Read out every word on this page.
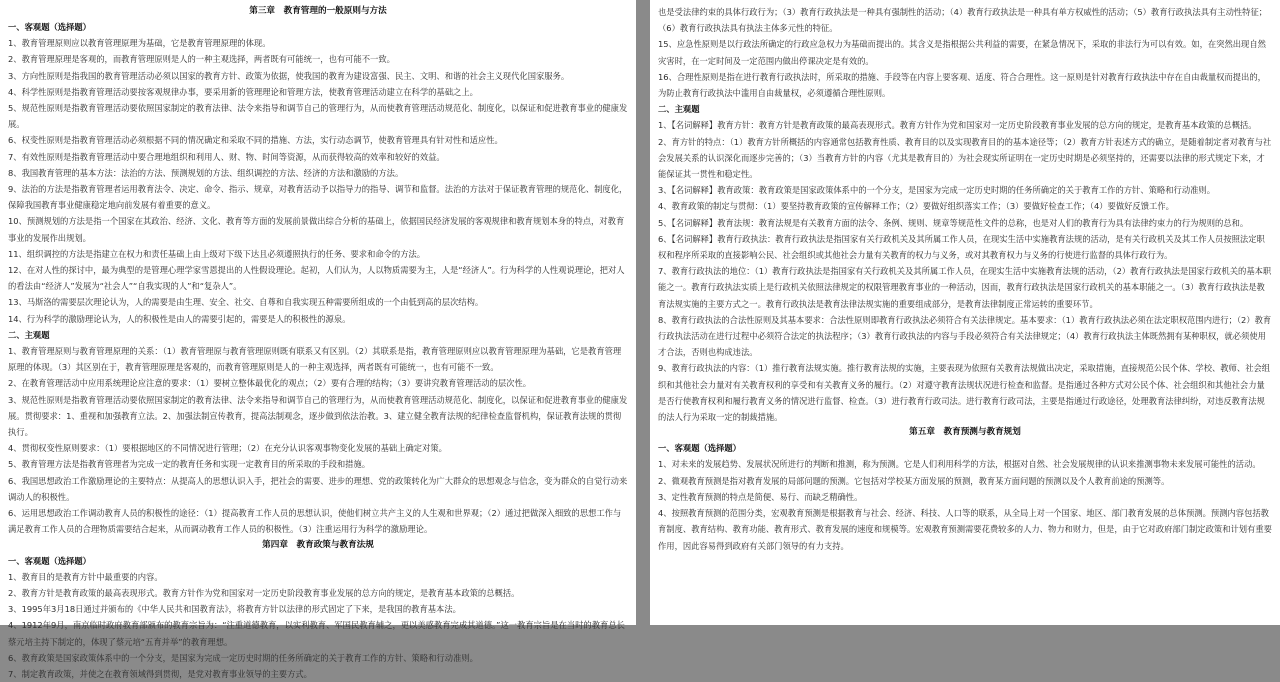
第三章　教育管理的一般原则与方法
一、客观题（选择题）
1、教育管理原则应以教育管理原理为基础，它是教育管理原理的体现。
2、教育管理原理是客观的，而教育管理原则是人的一种主观选择，两者既有可能统一，也有可能不一致。
3、方向性原则是指我国的教育管理活动必须以国家的教育方针、政策为依据，使我国的教育为建设富强、民主、文明、和谐的社会主义现代化国家服务。
4、科学性原则是指教育管理活动要按客观规律办事，要采用新的管理理论和管理方法，使教育管理活动建立在科学的基础之上。
5、规范性原则是指教育管理活动要依照国家制定的教育法律、法令来指导和调节自己的管理行为，从而使教育管理活动规范化、制度化，以保证和促进教育事业的健康发展。
6、权变性原则是指教育管理活动必须根据不同的情况确定和采取不同的措施、方法，实行动态调节，使教育管理具有针对性和适应性。
7、有效性原则是指教育管理活动中要合理地组织和利用人、财、物、时间等资源，从而获得较高的效率和较好的效益。
8、我国教育管理的基本方法：法治的方法、预测规划的方法、组织调控的方法、经济的方法和激励的方法。
9、法治的方法是指教育管理者运用教育法令、决定、命令、指示、规章，对教育活动予以指导力的指导、调节和监督。法治的方法对于保证教育管理的规范化、制度化，保障我国教育事业健康稳定地向前发展有着重要的意义。
10、预测规划的方法是指一个国家在其政治、经济、文化、教育等方面的发展前景做出综合分析的基础上，依据国民经济发展的客观规律和教育规划本身的特点，对教育事业的发展作出规划。
11、组织调控的方法是指建立在权力和责任基础上由上级对下级下达且必须遵照执行的任务、要求和命令的方法。
12、在对人性的探讨中，最为典型的是管理心理学家雪恩提出的人性假设理论。起初，人们认为，人以物质需要为主，人是“经济人”。行为科学的人性观说理论，把对人的看法由“经济人”发展为“社会人”“自我实现的人”和“复杂人”。
13、马斯洛的需要层次理论认为，人的需要是由生理、安全、社交、自尊和自我实现五种需要所组成的一个由低到高的层次结构。
14、行为科学的激励理论认为，人的积极性是由人的需要引起的，需要是人的积极性的源泉。
二、主观题
1、教育管理原则与教育管理原理的关系：（1）教育管理原与教育管理原则既有联系又有区别。（2）其联系是指，教育管理原则应以教育管理原理为基础，它是教育管理原理的体现。（3）其区别在于，教育管理原理是客观的，而教育管理原则是人的一种主观选择，两者既有可能统一，也有可能不一致。
2、在教育管理活动中应用系统理论应注意的要求：（1）要树立整体最优化的观点；（2）要有合理的结构；（3）要讲究教育管理活动的层次性。
3、规范性原则是指教育管理活动要依照国家制定的教育法律、法令来指导和调节自己的管理行为，从而使教育管理活动规范化、制度化，以保证和促进教育事业的健康发展。贯彻要求：1、重视和加强教育立法。2、加强法制宣传教育，提高法制观念，逐步做到依法治教。3、建立健全教育法规的纪律检查监督机构，保证教育法规的贯彻执行。
4、贯彻权变性原则要求：（1）要根据地区的不同情况进行管理；（2）在充分认识客观事物变化发展的基础上确定对策。
5、教育管理方法是指教育管理者为完成一定的教育任务和实现一定教育目的所采取的手段和措施。
6、我国思想政治工作激励理论的主要特点：从提高人的思想认识入手，把社会的需要、进步的理想、党的政策转化为广大群众的思想观念与信念，变为群众的自觉行动来调动人的积极性。
6、运用思想政治工作调动教育人员的积极性的途径：（1）提高教育工作人员的思想认识，使他们树立共产主义的人生观和世界观；（2）通过把做深入细致的思想工作与满足教育工作人员的合理物质需要结合起来，从而调动教育工作人员的积极性。（3）注重运用行为科学的激励理论。
第四章　教育政策与教育法规
一、客观题（选择题）
1、教育目的是教育方针中最重要的内容。
2、教育方针是教育政策的最高表现形式。教育方针作为党和国家对一定历史阶段教育事业发展的总方向的规定，是教育基本政策的总概括。
3、1995年3月18日通过并颁布的《中华人民共和国教育法》，将教育方针以法律的形式固定了下来，是我国的教育基本法。
4、1912年9月，南京临时政府教育部颁布的教育宗旨为：“注重道德教育，以实利教育、军国民教育辅之，更以美感教育完成其道德。”这一教育宗旨是在当时的教育总长蔡元培主持下制定的，体现了蔡元培“五育并举”的教育理想。
6、教育政策是国家政策体系中的一个分支，是国家为完成一定历史时期的任务所确定的关于教育工作的方针、策略和行动准则。
7、制定教育政策，并使之在教育领域得到贯彻，是党对教育事业领导的主要方式。
也是受法律约束的具体行政行为；（3）教育行政执法是一种具有强制性的活动；（4）教育行政执法是一种具有单方权威性的活动；（5）教育行政执法具有主动性特征；（6）教育行政执法具有执法主体多元性的特征。
15、应急性原则是以行政法所确定的行政应急权力为基础而提出的。其含义是指根据公共利益的需要，在紧急情况下，采取的非法行为可以有效。如，在突然出现自然灾害时，在一定时间及一定范围内做出停课决定是有效的。
16、合理性原则是指在进行教育行政执法时，所采取的措施、手段等在内容上要客观、适度、符合合理性。这一原则是针对教育行政执法中存在自由裁量权而提出的，为防止教育行政执法中滥用自由裁量权，必须遵循合理性原则。
二、主观题
1、【名词解释】教育方针：教育方针是教育政策的最高表现形式。教育方针作为党和国家对一定历史阶段教育事业发展的总方向的规定，是教育基本政策的总概括。
2、育方针的特点：（1）教育方针所概括的内容通常包括教育性质、教育目的以及实现教育目的的基本途径等；（2）教育方针表述方式的确立，是随着制定者对教育与社会发展关系的认识深化而逐步完善的；（3）当教育方针的内容（尤其是教育目的）为社会现实所证明在一定历史时期是必须坚持的，还需要以法律的形式规定下来，才能保证其一贯性和稳定性。
3、【名词解释】教育政策：教育政策是国家政策体系中的一个分支，是国家为完成一定历史时期的任务所确定的关于教育工作的方针、策略和行动准则。
4、教育政策的制定与贯彻：（1）要坚持教育政策的宣传解释工作；（2）要做好组织落实工作；（3）要做好检查工作；（4）要做好反馈工作。
5、【名词解释】教育法规：教育法规是有关教育方面的法令、条例、规则、规章等规范性文件的总称，也是对人们的教育行为具有法律约束力的行为规则的总和。
6、【名词解释】教育行政执法：教育行政执法是指国家有关行政机关及其所属工作人员，在现实生活中实施教育法规的活动，是有关行政机关及其工作人员按照法定职权和程序所采取的直接影响公民、社会组织或其他社会力量有关教育的权力与义务，或对其教育权力与义务的行使进行监督的具体行政行为。
7、教育行政执法的地位：（1）教育行政执法是指国家有关行政机关及其所属工作人员，在现实生活中实施教育法规的活动，（2）教育行政执法是国家行政机关的基本职能之一。教育行政执法实质上是行政机关依照法律规定的权限管理教育事业的一种活动，因而，教育行政执法是国家行政机关的基本职能之一。（3）教育行政执法是教育法规实施的主要方式之一。教育行政执法是教育法律法规实施的重要组成部分，是教育法律制度正常运转的重要环节。
8、教育行政执法的合法性原则及其基本要求：合法性原则即教育行政执法必须符合有关法律规定。基本要求：（1）教育行政执法必须在法定职权范围内进行；（2）教育行政执法活动在进行过程中必须符合法定的执法程序；（3）教育行政执法的内容与手段必须符合有关法律规定；（4）教育行政执法主体既然拥有某种职权，就必须使用才合法，否则也构成违法。
9、教育行政执法的内容：（1）推行教育法规实施。推行教育法规的实施，主要表现为依照有关教育法规做出决定，采取措施，直接规范公民个体、学校、教师、社会组织和其他社会力量对有关教育权利的享受和有关教育义务的履行。（2）对遵守教育法规状况进行检查和监督。是指通过各种方式对公民个体、社会组织和其他社会力量是否行使教育权利和履行教育义务的情况进行监督、检查。（3）进行教育行政司法。进行教育行政司法，主要是指通过行政途径，处理教育法律纠纷，对违反教育法规的法人行为采取一定的制裁措施。
第五章　教育预测与教育规划
一、客观题（选择题）
1、对未来的发展趋势、发展状况所进行的判断和推测，称为预测。它是人们利用科学的方法，根据对自然、社会发展规律的认识来推测事物未来发展可能性的活动。
2、微观教育预测是指对教育发展的局部问题的预测。它包括对学校某方面发展的预测，教育某方面问题的预测以及个人教育前途的预测等。
3、定性教育预测的特点是简便、易行、而缺乏精确性。
4、按照教育预测的范围分类，宏观教育预测是根据教育与社会、经济、科技、人口等的联系，从全局上对一个国家、地区、部门教育发展的总体预测。预测内容包括教育制度、教育结构、教育功能、教育形式、教育发展的速度和规模等。宏观教育预测需要花费较多的人力、物力和财力，但是，由于它对政府部门制定政策和计划有重要作用，因此容易得到政府有关部门领导的有力支持。
